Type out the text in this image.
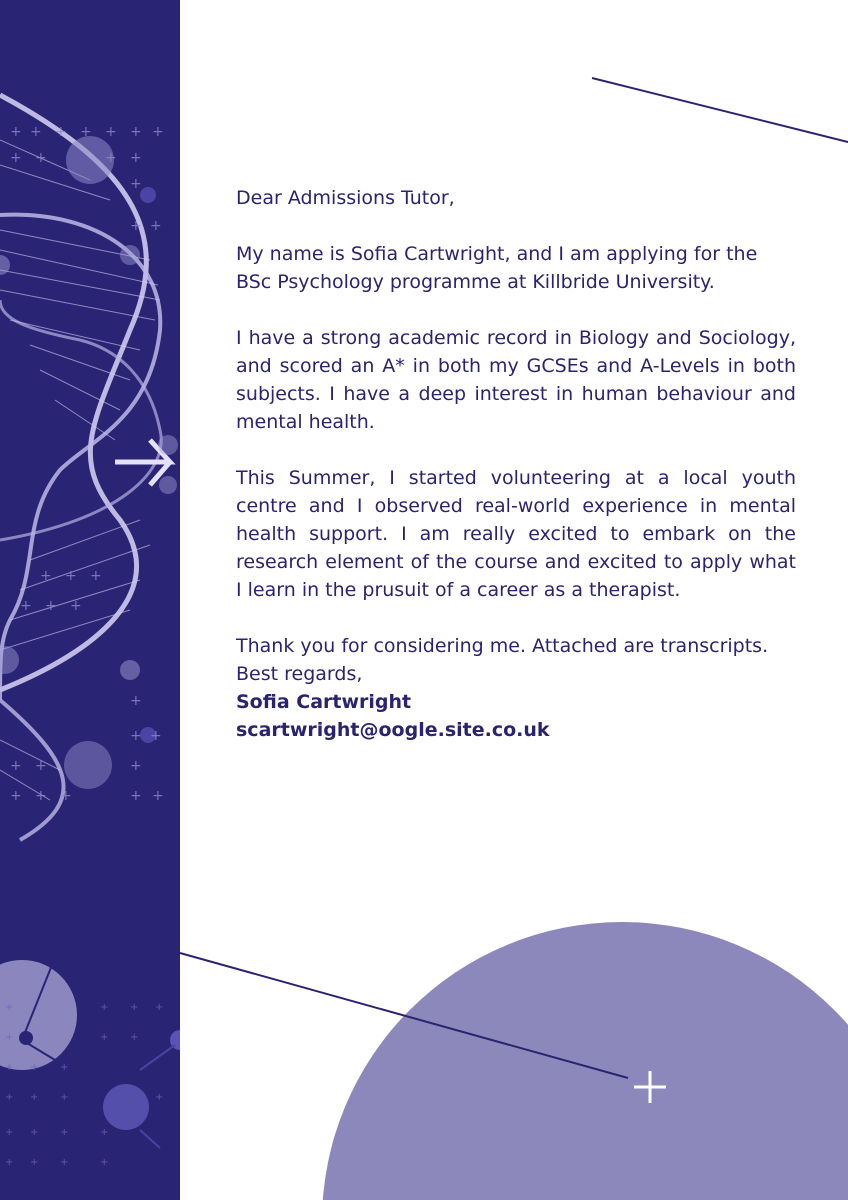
+ + + + + + +
+ +	+ +
+
+ +
+ + +
+ + +
+
+ +
+ +	+
+ + +	+ +
+	+ + +
+	+ +
+ + +
+ + +	+
+ + +	+
+ + +	+

Dear Admissions Tutor,

My name is Sofia Cartwright, and I am applying for the BSc Psychology programme at Killbride University.

I have a strong academic record in Biology and Sociology, and scored an A* in both my GCSEs and A-Levels in both subjects. I have a deep interest in human behaviour and mental health.

This Summer, I started volunteering at a local youth centre and I observed real-world experience in mental health support. I am really excited to embark on the research element of the course and excited to apply what I learn in the prusuit of a career as a therapist.

Thank you for considering me. Attached are transcripts.

Best regards,

Sofia Cartwright

scartwright@oogle.site.co.uk
